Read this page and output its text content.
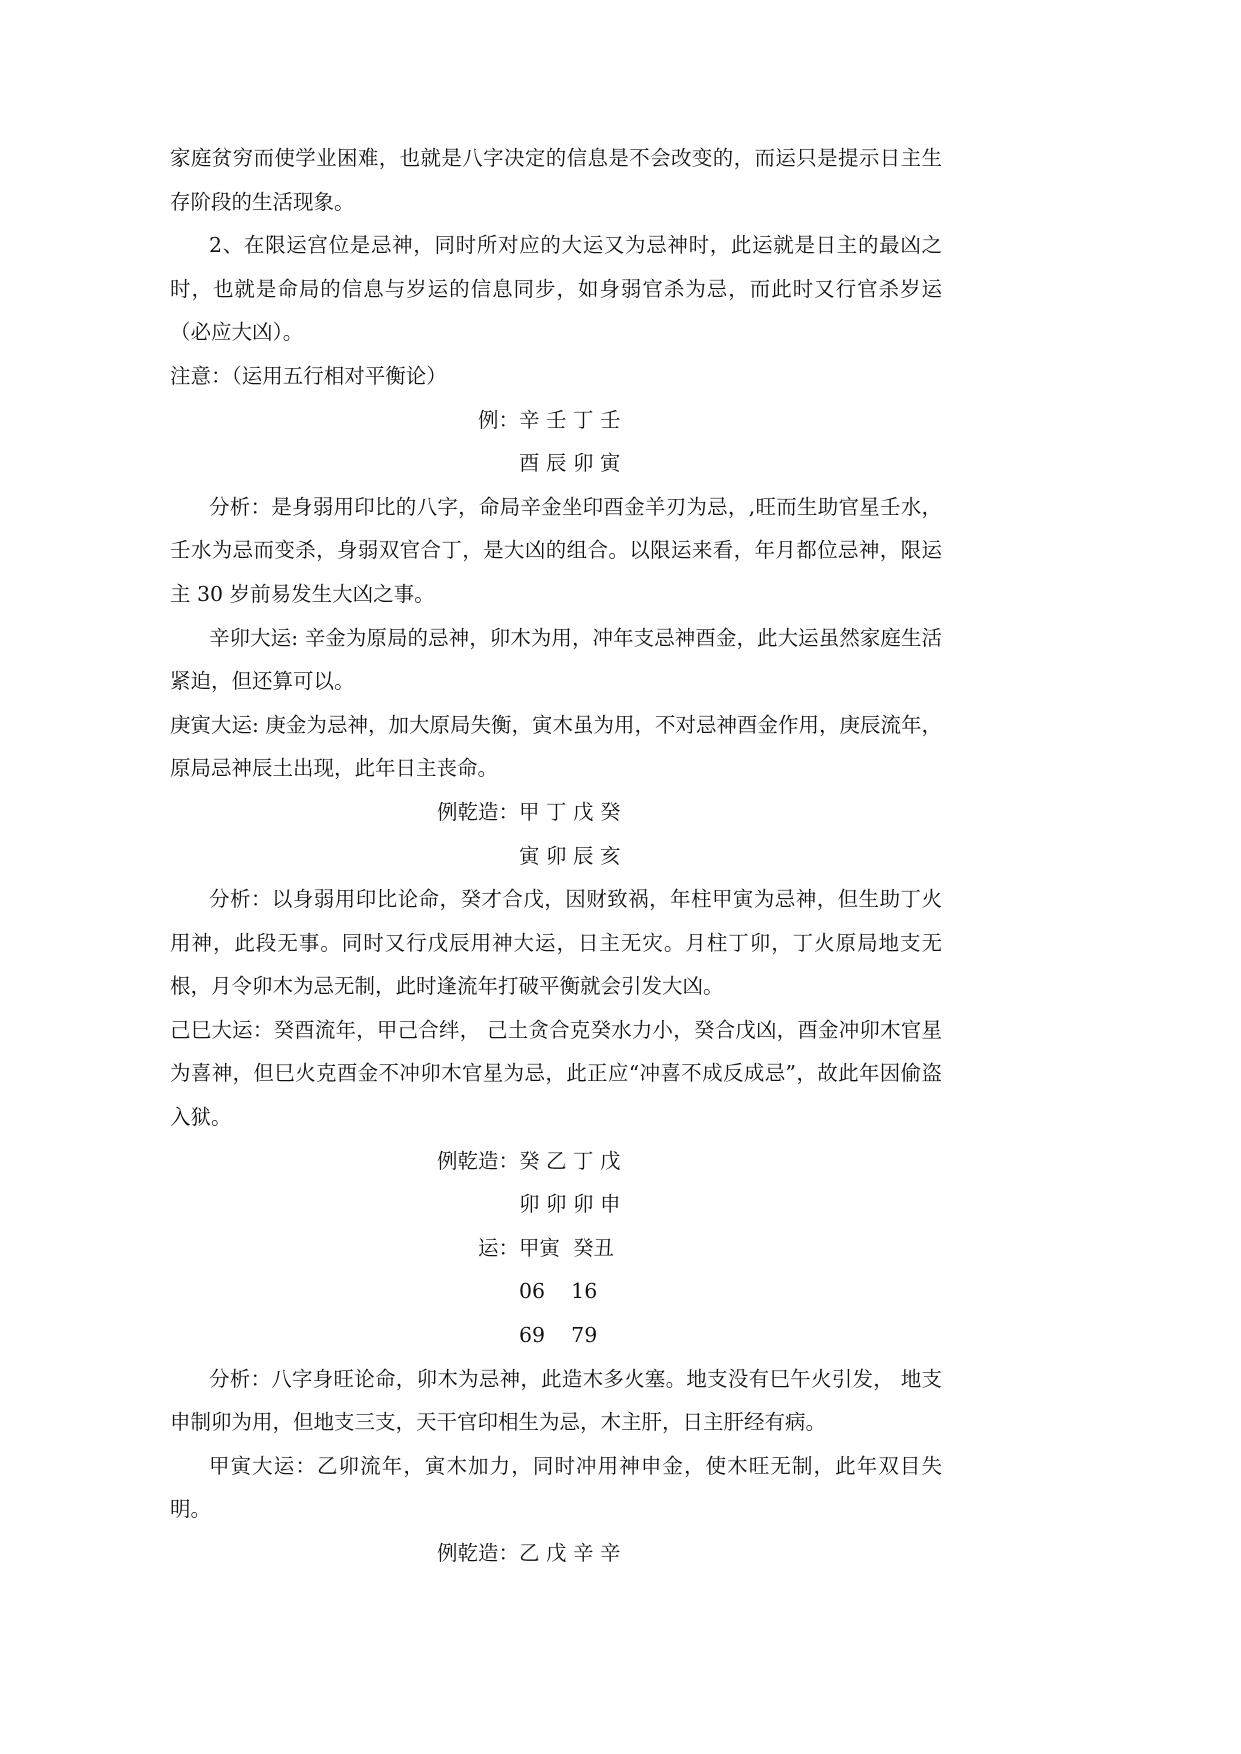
家庭贫穷而使学业困难，也就是八字决定的信息是不会改变的，而运只是提示日主生存阶段的生活现象。

2、在限运宫位是忌神，同时所对应的大运又为忌神时，此运就是日主的最凶之时，也就是命局的信息与岁运的信息同步，如身弱官杀为忌，而此时又行官杀岁运（必应大凶）。

注意：（运用五行相对平衡论）

例： 辛 壬 丁 壬
酉 辰 卯 寅

分析：是身弱用印比的八字，命局辛金坐印酉金羊刃为忌，,旺而生助官星壬水，壬水为忌而变杀，身弱双官合丁，是大凶的组合。以限运来看，年月都位忌神，限运主 30 岁前易发生大凶之事。

辛卯大运: 辛金为原局的忌神，卯木为用，冲年支忌神酉金，此大运虽然家庭生活紧迫，但还算可以。

庚寅大运: 庚金为忌神，加大原局失衡，寅木虽为用，不对忌神酉金作用，庚辰流年，原局忌神辰土出现，此年日主丧命。

例乾造： 甲 丁 戊 癸
寅 卯 辰 亥

分析：以身弱用印比论命，癸才合戊，因财致祸，年柱甲寅为忌神，但生助丁火用神，此段无事。同时又行戊辰用神大运，日主无灾。月柱丁卯，丁火原局地支无根，月令卯木为忌无制，此时逢流年打破平衡就会引发大凶。

己巳大运：癸酉流年，甲己合绊， 己土贪合克癸水力小，癸合戊凶，酉金冲卯木官星为喜神，但巳火克酉金不冲卯木官星为忌，此正应“冲喜不成反成忌”，故此年因偷盗入狱。

例乾造： 癸 乙 丁 戊
卯 卯 卯 申
运： 甲寅  癸丑
06    16
69    79

分析：八字身旺论命，卯木为忌神，此造木多火塞。地支没有巳午火引发， 地支申制卯为用，但地支三支，天干官印相生为忌，木主肝，日主肝经有病。

甲寅大运：乙卯流年，寅木加力，同时冲用神申金，使木旺无制，此年双目失明。

例乾造： 乙 戊 辛 辛
